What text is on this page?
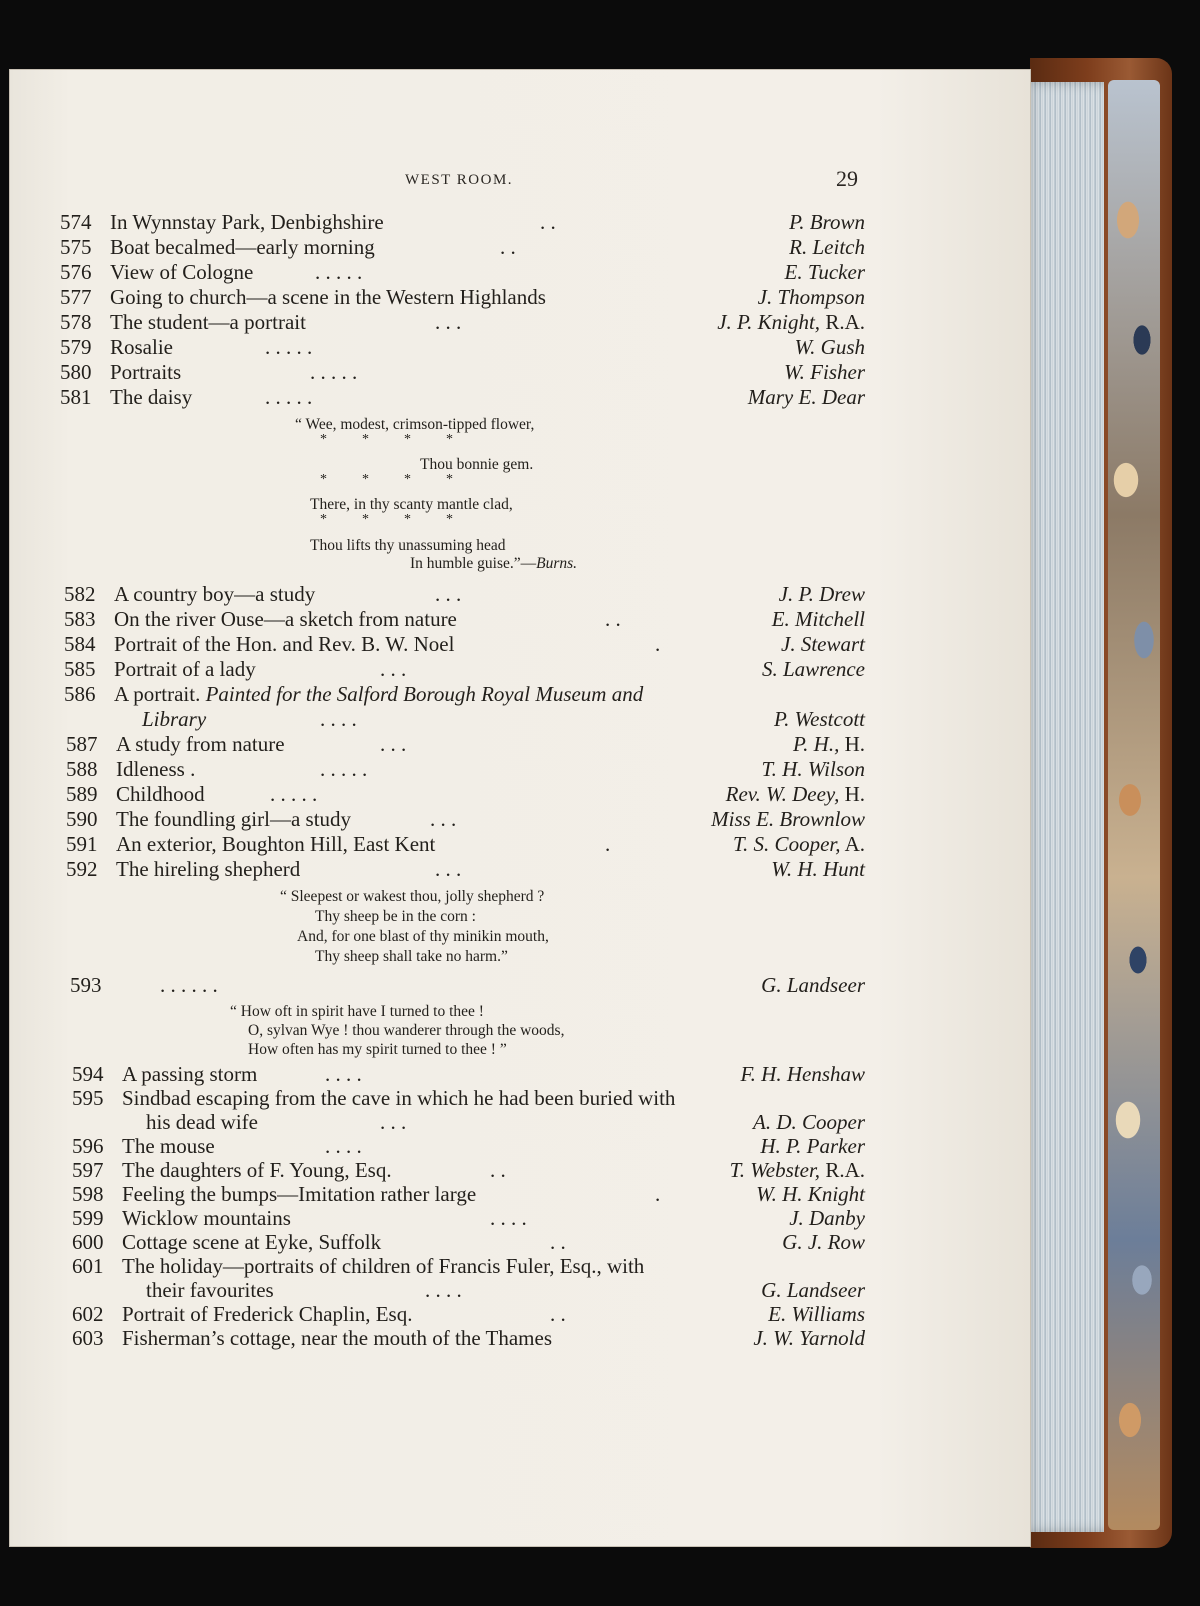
WEST ROOM.	29
574 In Wynnstay Park, Denbighshire	. .	P. Brown
575 Boat becalmed—early morning	. .	R. Leitch
576 View of Cologne	. . . . .	E. Tucker
577 Going to church—a scene in the Western Highlands	J. Thompson
578 The student—a portrait	. . .	J. P. Knight, R.A.
579 Rosalie	. . . . .	W. Gush
580 Portraits	. . . . .	W. Fisher
581 The daisy	. . . . .	Mary E. Dear
“ Wee, modest, crimson-tipped flower,
*          *          *          *
Thou bonnie gem.
*          *          *          *
There, in thy scanty mantle clad,
*          *          *          *
Thou lifts thy unassuming head
In humble guise.”—Burns.
582 A country boy—a study	. . .	J. P. Drew
583 On the river Ouse—a sketch from nature	. .	E. Mitchell
584 Portrait of the Hon. and Rev. B. W. Noel	.	J. Stewart
585 Portrait of a lady	. . .	S. Lawrence
586 A portrait. Painted for the Salford Borough Royal Museum and
Library	. . . .	P. Westcott
587 A study from nature	. . .	P. H., H.
588 Idleness .	. . . . .	T. H. Wilson
589 Childhood	. . . . .	Rev. W. Deey, H.
590 The foundling girl—a study	. . .	Miss E. Brownlow
591 An exterior, Boughton Hill, East Kent	.	T. S. Cooper, A.
592 The hireling shepherd	. . .	W. H. Hunt
“ Sleepest or wakest thou, jolly shepherd ?
Thy sheep be in the corn :
And, for one blast of thy minikin mouth,
Thy sheep shall take no harm.”
593	. . . . . .	G. Landseer
“ How oft in spirit have I turned to thee !
O, sylvan Wye ! thou wanderer through the woods,
How often has my spirit turned to thee ! ”
594 A passing storm	. . . .	F. H. Henshaw
595 Sindbad escaping from the cave in which he had been buried with
his dead wife	. . .	A. D. Cooper
596 The mouse	. . . .	H. P. Parker
597 The daughters of F. Young, Esq.	. .	T. Webster, R.A.
598 Feeling the bumps—Imitation rather large	.	W. H. Knight
599 Wicklow mountains	. . . .	J. Danby
600 Cottage scene at Eyke, Suffolk	. .	G. J. Row
601 The holiday—portraits of children of Francis Fuler, Esq., with
their favourites	. . . .	G. Landseer
602 Portrait of Frederick Chaplin, Esq.	. .	E. Williams
603 Fisherman’s cottage, near the mouth of the Thames	J. W. Yarnold
